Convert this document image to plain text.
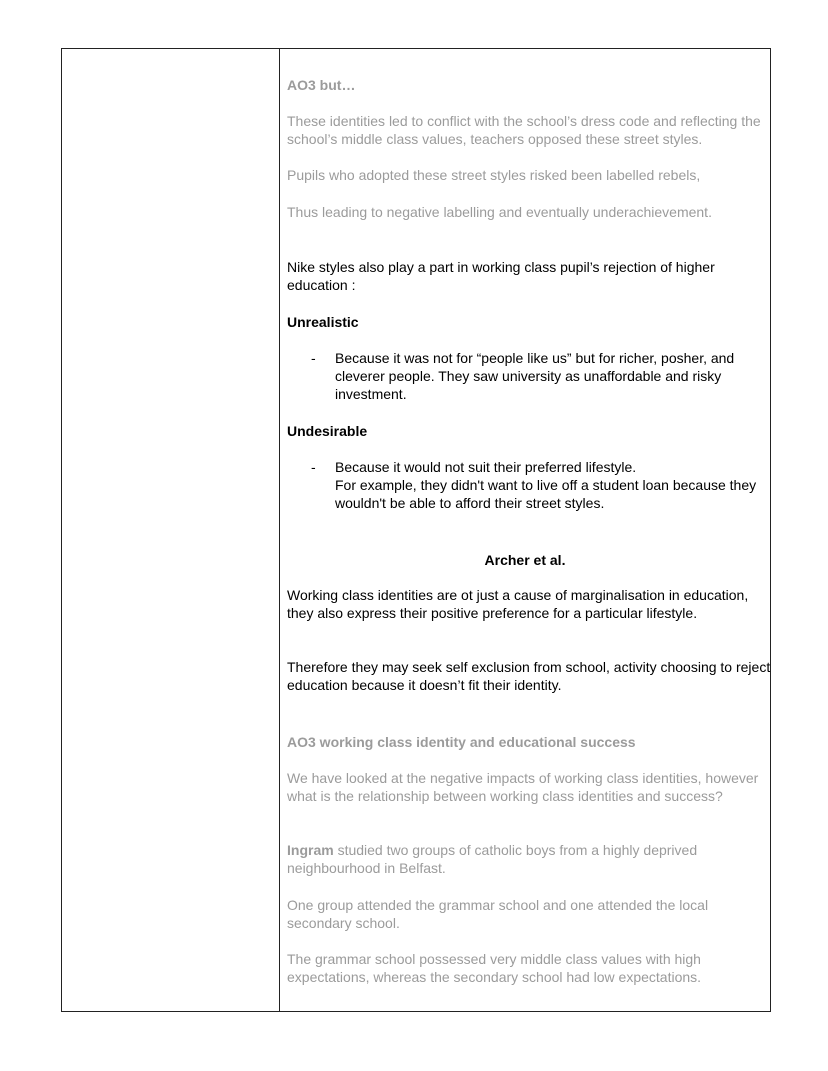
AO3 but…
These identities led to conflict with the school’s dress code and reflecting the school’s middle class values, teachers opposed these street styles.
Pupils who adopted these street styles risked been labelled rebels,
Thus leading to negative labelling and eventually underachievement.
Nike styles also play a part in working class pupil’s rejection of higher education :
Unrealistic
- Because it was not for “people like us” but for richer, posher, and cleverer people. They saw university as unaffordable and risky investment.
Undesirable
- Because it would not suit their preferred lifestyle.
For example, they didn't want to live off a student loan because they wouldn't be able to afford their street styles.
Archer et al.
Working class identities are ot just a cause of marginalisation in education, they also express their positive preference for a particular lifestyle.
Therefore they may seek self exclusion from school, activity choosing to reject education because it doesn’t fit their identity.
AO3 working class identity and educational success
We have looked at the negative impacts of working class identities, however what is the relationship between working class identities and success?
Ingram studied two groups of catholic boys from a highly deprived neighbourhood in Belfast.
One group attended the grammar school and one attended the local secondary school.
The grammar school possessed very middle class values with high expectations, whereas the secondary school had low expectations.
